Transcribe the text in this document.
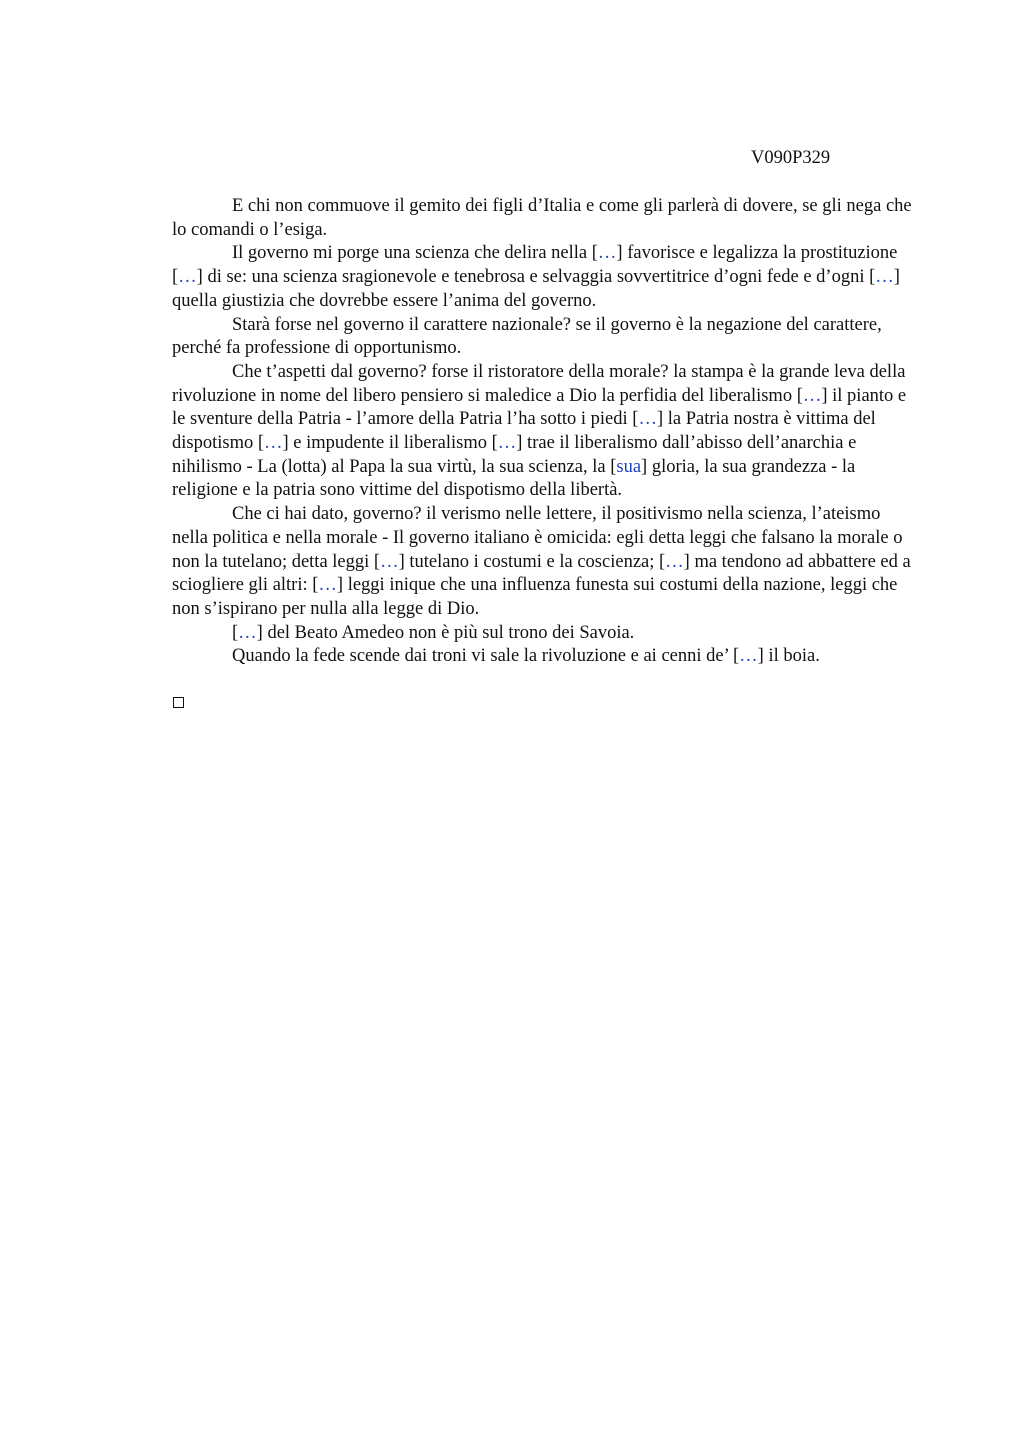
V090P329

E chi non commuove il gemito dei figli d’Italia e come gli parlerà di dovere, se gli nega che lo comandi o l’esiga.

Il governo mi porge una scienza che delira nella […] favorisce e legalizza la prostituzione […] di se: una scienza sragionevole e tenebrosa e selvaggia sovvertitrice d’ogni fede e d’ogni […] quella giustizia che dovrebbe essere l’anima del governo.

Starà forse nel governo il carattere nazionale? se il governo è la negazione del carattere, perché fa professione di opportunismo.

Che t’aspetti dal governo? forse il ristoratore della morale? la stampa è la grande leva della rivoluzione in nome del libero pensiero si maledice a Dio la perfidia del liberalismo […] il pianto e le sventure della Patria - l’amore della Patria l’ha sotto i piedi […] la Patria nostra è vittima del dispotismo […] e impudente il liberalismo […] trae il liberalismo dall’abisso dell’anarchia e nihilismo - La (lotta) al Papa la sua virtù, la sua scienza, la [sua] gloria, la sua grandezza - la religione e la patria sono vittime del dispotismo della libertà.

Che ci hai dato, governo? il verismo nelle lettere, il positivismo nella scienza, l’ateismo nella politica e nella morale - Il governo italiano è omicida: egli detta leggi che falsano la morale o non la tutelano; detta leggi […] tutelano i costumi e la coscienza; […] ma tendono ad abbattere ed a sciogliere gli altri: […] leggi inique che una influenza funesta sui costumi della nazione, leggi che non s’ispirano per nulla alla legge di Dio.

[…] del Beato Amedeo non è più sul trono dei Savoia.

Quando la fede scende dai troni vi sale la rivoluzione e ai cenni de’ […] il boia.
